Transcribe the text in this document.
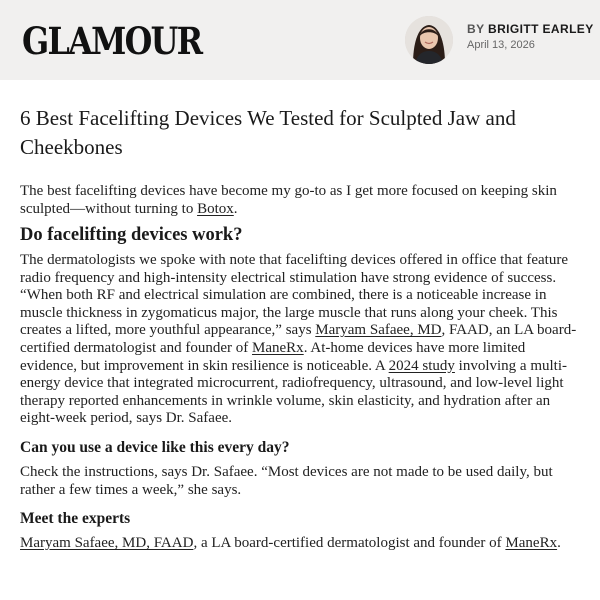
GLAMOUR	BY BRIGITT EARLEY
April 13, 2026
6 Best Facelifting Devices We Tested for Sculpted Jaw and Cheekbones

The best facelifting devices have become my go-to as I get more focused on keeping skin sculpted—without turning to Botox.

Do facelifting devices work?

The dermatologists we spoke with note that facelifting devices offered in office that feature radio frequency and high-intensity electrical stimulation have strong evidence of success. “When both RF and electrical simulation are combined, there is a noticeable increase in muscle thickness in zygomaticus major, the large muscle that runs along your cheek. This creates a lifted, more youthful appearance,” says Maryam Safaee, MD, FAAD, an LA board-certified dermatologist and founder of ManeRx. At-home devices have more limited evidence, but improvement in skin resilience is noticeable. A 2024 study involving a multi-energy device that integrated microcurrent, radiofrequency, ultrasound, and low-level light therapy reported enhancements in wrinkle volume, skin elasticity, and hydration after an eight-week period, says Dr. Safaee.

Can you use a device like this every day?

Check the instructions, says Dr. Safaee. “Most devices are not made to be used daily, but rather a few times a week,” she says.

Meet the experts

Maryam Safaee, MD, FAAD, a LA board-certified dermatologist and founder of ManeRx.
